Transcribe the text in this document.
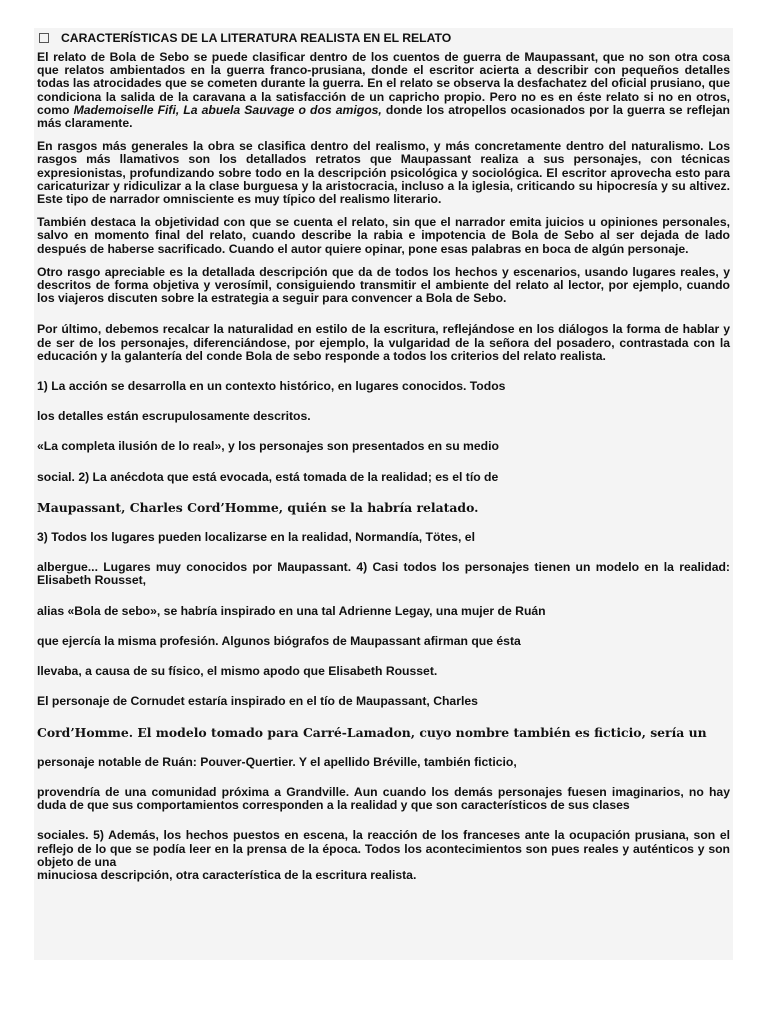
CARACTERÍSTICAS DE LA LITERATURA REALISTA EN EL RELATO

El relato de Bola de Sebo se puede clasificar dentro de los cuentos de guerra de Maupassant, que no son otra cosa que relatos ambientados en la guerra franco-prusiana, donde el escritor acierta a describir con pequeños detalles todas las atrocidades que se cometen durante la guerra. En el relato se observa la desfachatez del oficial prusiano, que condiciona la salida de la caravana a la satisfacción de un capricho propio. Pero no es en éste relato si no en otros, como Mademoiselle Fifi, La abuela Sauvage o dos amigos, donde los atropellos ocasionados por la guerra se reflejan más claramente.

En rasgos más generales la obra se clasifica dentro del realismo, y más concretamente dentro del naturalismo. Los rasgos más llamativos son los detallados retratos que Maupassant realiza a sus personajes, con técnicas expresionistas, profundizando sobre todo en la descripción psicológica y sociológica. El escritor aprovecha esto para caricaturizar y ridiculizar a la clase burguesa y la aristocracia, incluso a la iglesia, criticando su hipocresía y su altivez. Este tipo de narrador omnisciente es muy típico del realismo literario.

También destaca la objetividad con que se cuenta el relato, sin que el narrador emita juicios u opiniones personales, salvo en momento final del relato, cuando describe la rabia e impotencia de Bola de Sebo al ser dejada de lado después de haberse sacrificado. Cuando el autor quiere opinar, pone esas palabras en boca de algún personaje.

Otro rasgo apreciable es la detallada descripción que da de todos los hechos y escenarios, usando lugares reales, y descritos de forma objetiva y verosímil, consiguiendo transmitir el ambiente del relato al lector, por ejemplo, cuando los viajeros discuten sobre la estrategia a seguir para convencer a Bola de Sebo.

Por último, debemos recalcar la naturalidad en estilo de la escritura, reflejándose en los diálogos la forma de hablar y de ser de los personajes, diferenciándose, por ejemplo, la vulgaridad de la señora del posadero, contrastada con la educación y la galantería del conde Bola de sebo responde a todos los criterios del relato realista.

1) La acción se desarrolla en un contexto histórico, en lugares conocidos. Todos

los detalles están escrupulosamente descritos.

«La completa ilusión de lo real», y los personajes son presentados en su medio

social. 2) La anécdota que está evocada, está tomada de la realidad; es el tío de

Maupassant, Charles Cord’Homme, quién se la habría relatado.

3) Todos los lugares pueden localizarse en la realidad, Normandía, Tötes, el

albergue... Lugares muy conocidos por Maupassant. 4) Casi todos los personajes tienen un modelo en la realidad: Elisabeth Rousset,

alias «Bola de sebo», se habría inspirado en una tal Adrienne Legay, una mujer de Ruán

que ejercía la misma profesión. Algunos biógrafos de Maupassant afirman que ésta

llevaba, a causa de su físico, el mismo apodo que Elisabeth Rousset.

El personaje de Cornudet estaría inspirado en el tío de Maupassant, Charles

Cord’Homme. El modelo tomado para Carré-Lamadon, cuyo nombre también es ficticio, sería un

personaje notable de Ruán: Pouver-Quertier. Y el apellido Bréville, también ficticio,

provendría de una comunidad próxima a Grandville. Aun cuando los demás personajes fuesen imaginarios, no hay duda de que sus comportamientos corresponden a la realidad y que son característicos de sus clases

sociales. 5) Además, los hechos puestos en escena, la reacción de los franceses ante la ocupación prusiana, son el reflejo de lo que se podía leer en la prensa de la época. Todos los acontecimientos son pues reales y auténticos y son objeto de una

minuciosa descripción, otra característica de la escritura realista.
